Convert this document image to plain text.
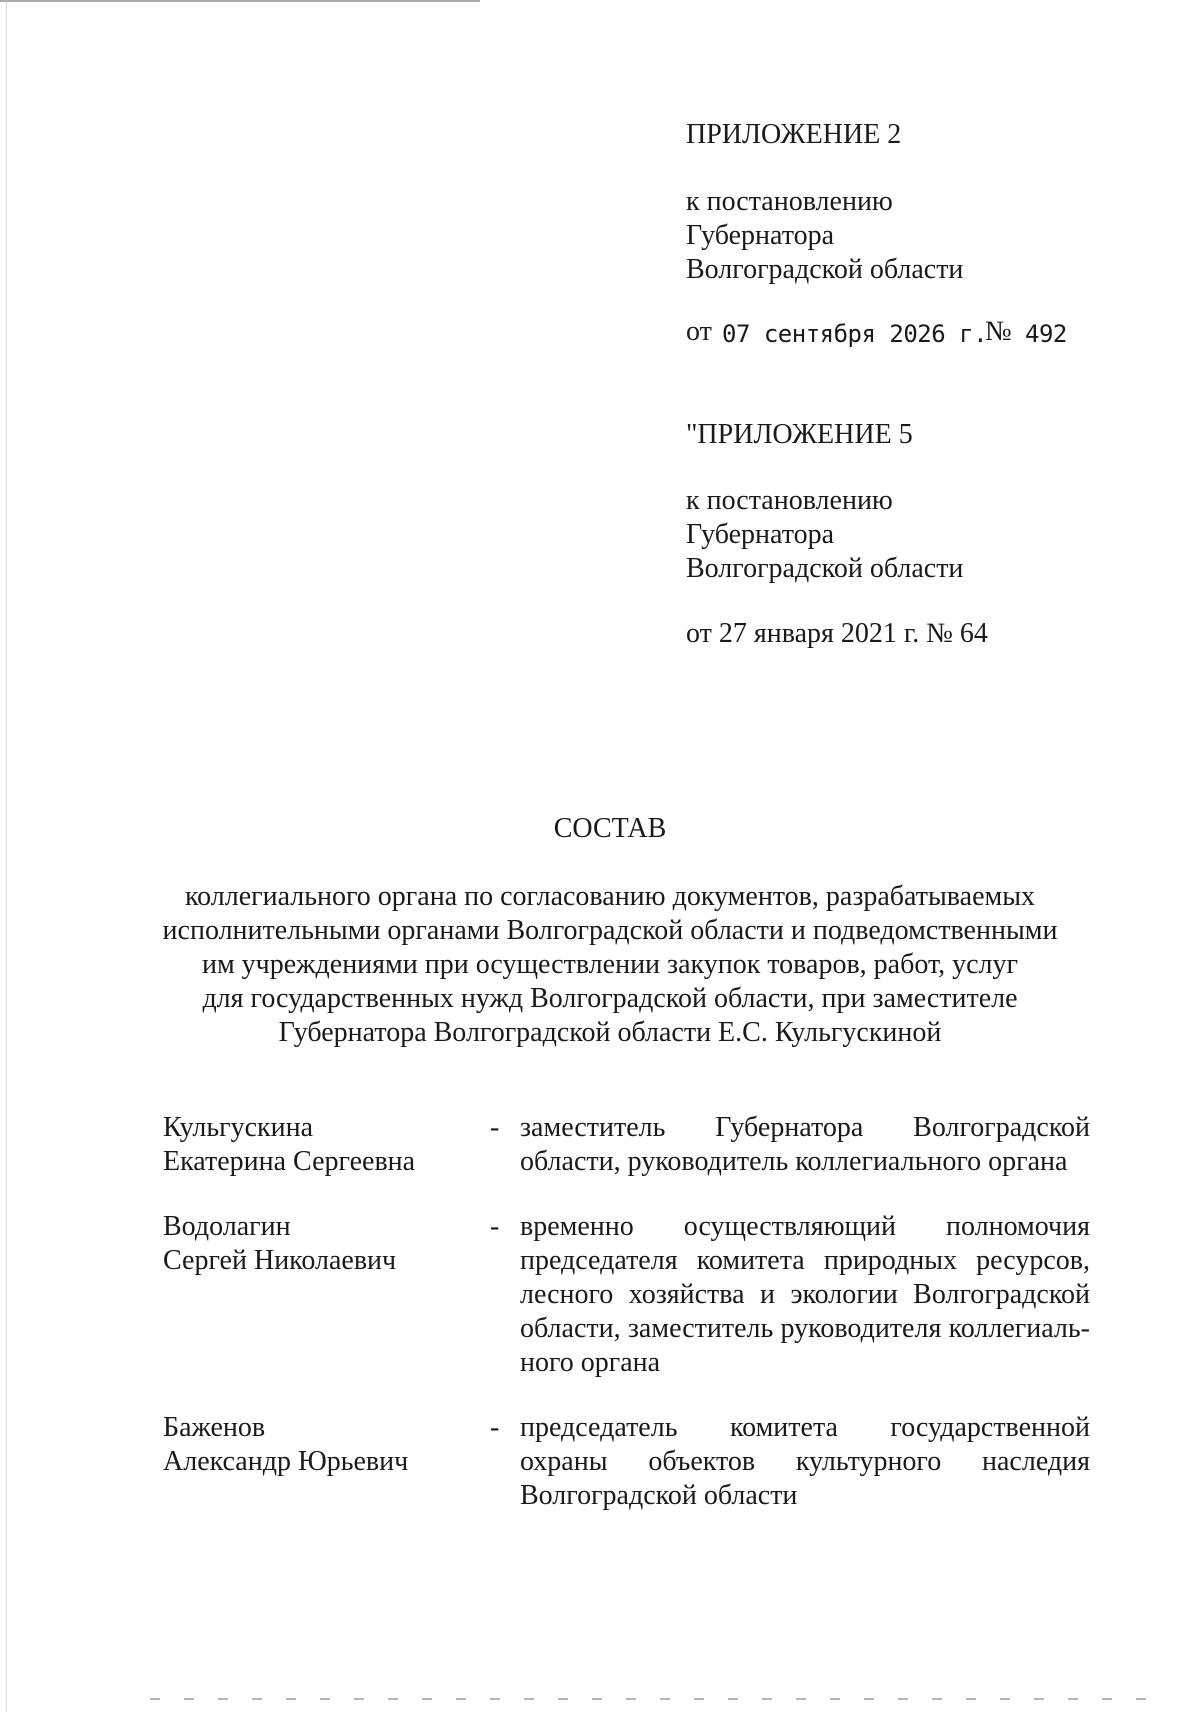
ПРИЛОЖЕНИЕ 2
к постановлению
Губернатора
Волгоградской области
от 07 сентября 2026 г.
№ 492
"ПРИЛОЖЕНИЕ 5
к постановлению
Губернатора
Волгоградской области
от 27 января 2021 г. № 64
СОСТАВ
коллегиального органа по согласованию документов, разрабатываемых
исполнительными органами Волгоградской области и подведомственными
им учреждениями при осуществлении закупок товаров, работ, услуг
для государственных нужд Волгоградской области, при заместителе
Губернатора Волгоградской области Е.С. Кульгускиной
Кульгускина
Екатерина Сергеевна
- заместитель Губернатора Волгоградской области, руководитель коллегиального органа
Водолагин
Сергей Николаевич
- временно осуществляющий полномочия председателя комитета природных ресурсов, лесного хозяйства и экологии Волгоградской области, заместитель руководителя коллегиаль-ного органа
Баженов
Александр Юрьевич
- председатель комитета государственной охраны объектов культурного наследия Волгоградской области
